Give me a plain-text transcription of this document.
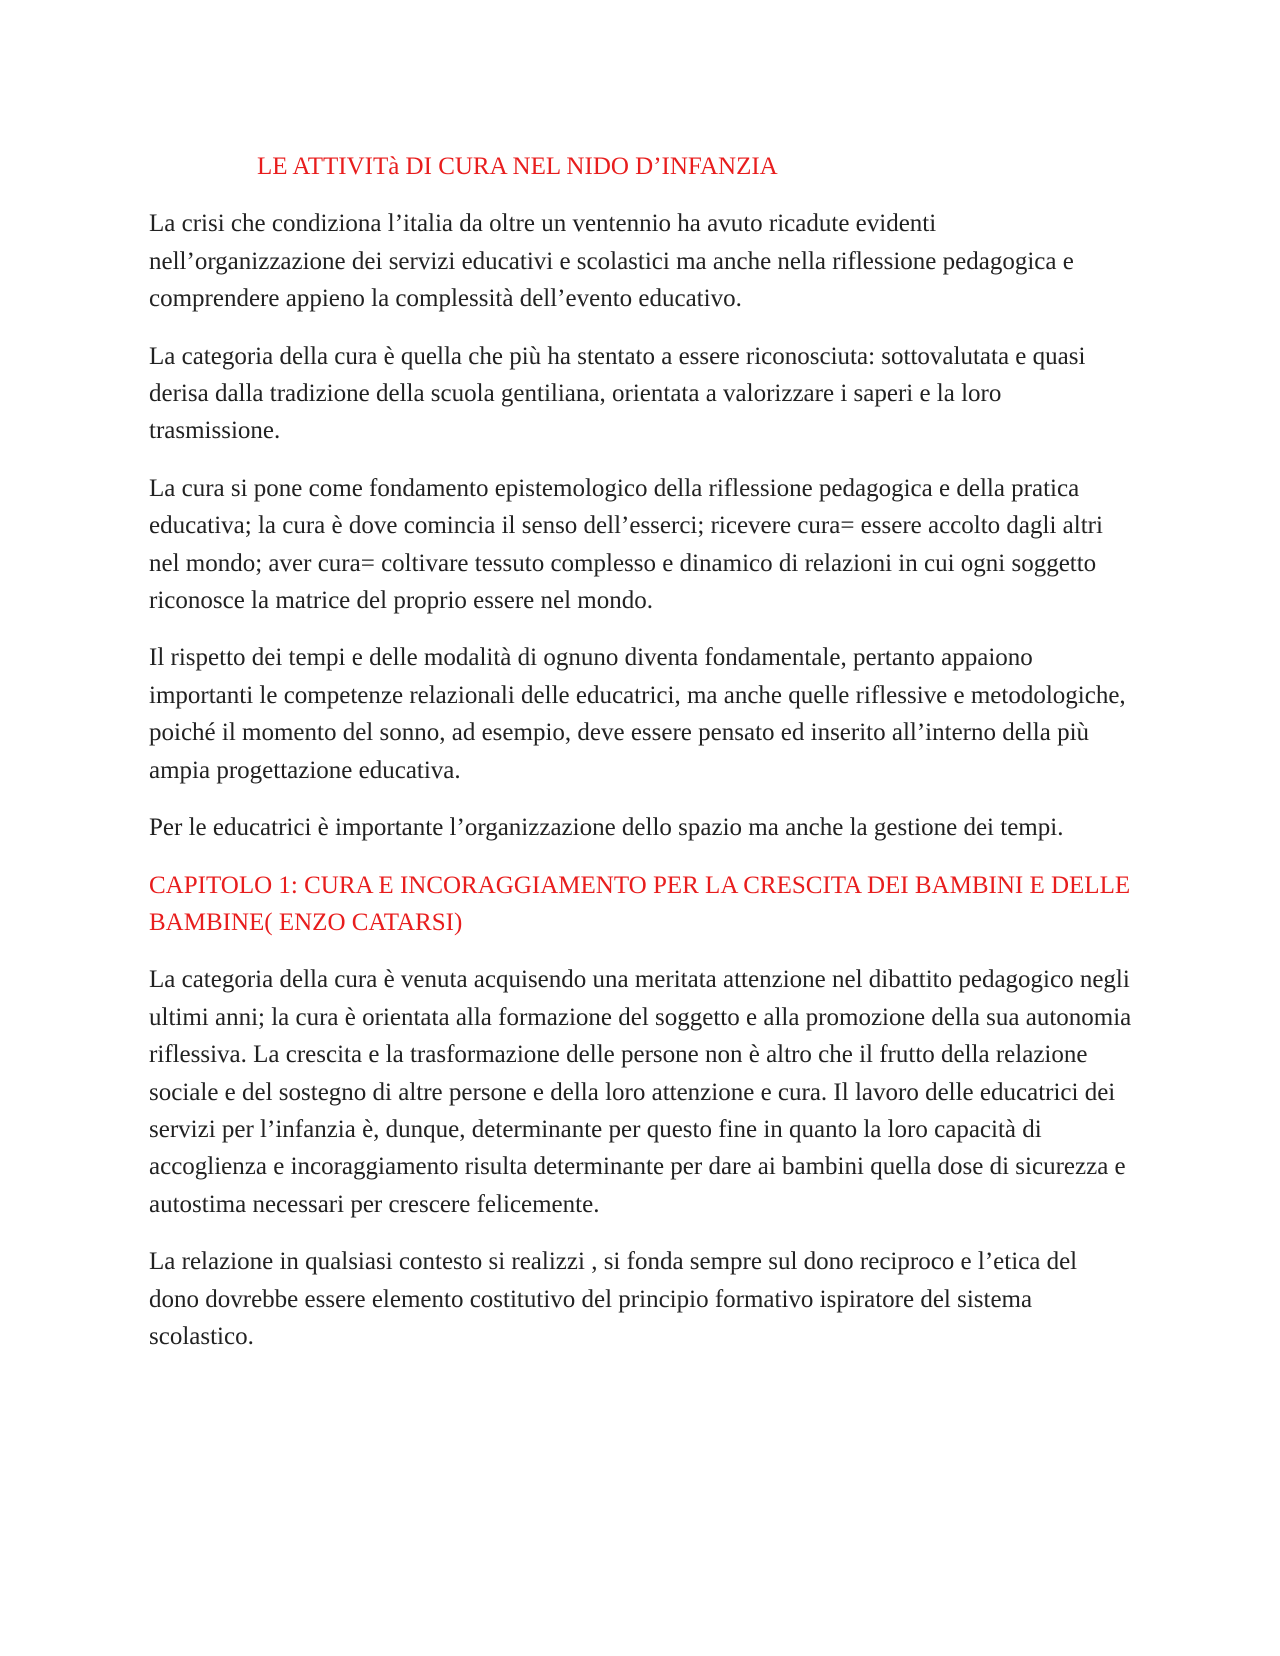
LE ATTIVITà DI CURA NEL NIDO D’INFANZIA

La crisi che condiziona l’italia da oltre un ventennio ha avuto ricadute evidenti nell’organizzazione dei servizi educativi e scolastici ma anche nella riflessione pedagogica e comprendere appieno la complessità dell’evento educativo.

La categoria della cura è quella che più ha stentato a essere riconosciuta: sottovalutata e quasi derisa dalla tradizione della scuola gentiliana, orientata a valorizzare i saperi e la loro trasmissione.

La cura si pone come fondamento epistemologico della riflessione pedagogica e della pratica educativa; la cura è dove comincia il senso dell’esserci; ricevere cura= essere accolto dagli altri nel mondo; aver cura= coltivare tessuto complesso e dinamico di relazioni in cui ogni soggetto riconosce la matrice del proprio essere nel mondo.

Il rispetto dei tempi e delle modalità di ognuno diventa fondamentale, pertanto appaiono importanti le competenze relazionali delle educatrici, ma anche quelle riflessive e metodologiche, poiché il momento del sonno, ad esempio, deve essere pensato ed inserito all’interno della più ampia progettazione educativa.

Per le educatrici è importante l’organizzazione dello spazio ma anche la gestione dei tempi.

CAPITOLO 1: CURA E INCORAGGIAMENTO PER LA CRESCITA DEI BAMBINI E DELLE BAMBINE( ENZO CATARSI)

La categoria della cura è venuta acquisendo una meritata attenzione nel dibattito pedagogico negli ultimi anni; la cura è orientata alla formazione del soggetto e alla promozione della sua autonomia riflessiva. La crescita e la trasformazione delle persone non è altro che il frutto della relazione sociale e del sostegno di altre persone e della loro attenzione e cura. Il lavoro delle educatrici dei servizi per l’infanzia è, dunque, determinante per questo fine in quanto la loro capacità di accoglienza e incoraggiamento risulta determinante per dare ai bambini quella dose di sicurezza e autostima necessari per crescere felicemente.

La relazione in qualsiasi contesto si realizzi , si fonda sempre sul dono reciproco e l’etica del dono dovrebbe essere elemento costitutivo del principio formativo ispiratore del sistema scolastico.
